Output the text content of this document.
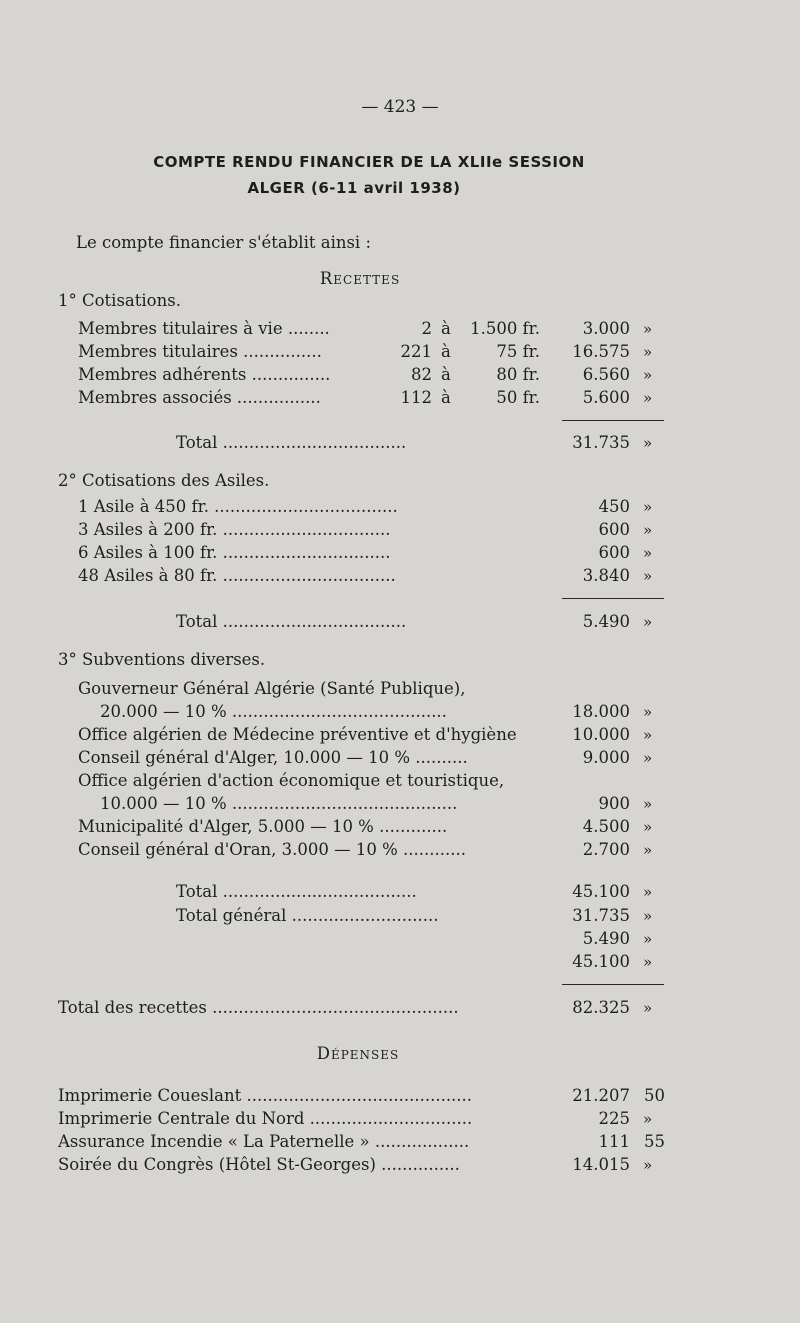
— 423 —
COMPTE RENDU FINANCIER DE LA XLIIe SESSION
ALGER (6-11 avril 1938)
Le compte financier s'établit ainsi :
Recettes
1° Cotisations.
Membres titulaires à vie ........	2 à	1.500 fr.	3.000 »
Membres titulaires ...............	221 à	75 fr.	16.575 »
Membres adhérents ...............	82 à	80 fr.	6.560 »
Membres associés ................	112 à	50 fr.	5.600 »
Total ...................................	31.735 »
2° Cotisations des Asiles.
1 Asile à 450 fr. ...................................	450 »
3 Asiles à 200 fr. ................................	600 »
6 Asiles à 100 fr. ................................	600 »
48 Asiles à 80 fr. .................................	3.840 »
Total ...................................	5.490 »
3° Subventions diverses.
Gouverneur Général Algérie (Santé Publique),
20.000 — 10 % .........................................	18.000 »
Office algérien de Médecine préventive et d'hygiène	10.000 »
Conseil général d'Alger, 10.000 — 10 % ..........	9.000 »
Office algérien d'action économique et touristique,
10.000 — 10 % ...........................................	900 »
Municipalité d'Alger, 5.000 — 10 % .............	4.500 »
Conseil général d'Oran, 3.000 — 10 % ............	2.700 »
Total .....................................	45.100 »
Total général ............................	31.735 »
5.490 »
45.100 »
Total des recettes ...............................................	82.325 »
Dépenses
Imprimerie Coueslant ...........................................	21.207 50
Imprimerie Centrale du Nord ...............................	225 »
Assurance Incendie « La Paternelle » ..................	111 55
Soirée du Congrès (Hôtel St-Georges) ...............	14.015 »
